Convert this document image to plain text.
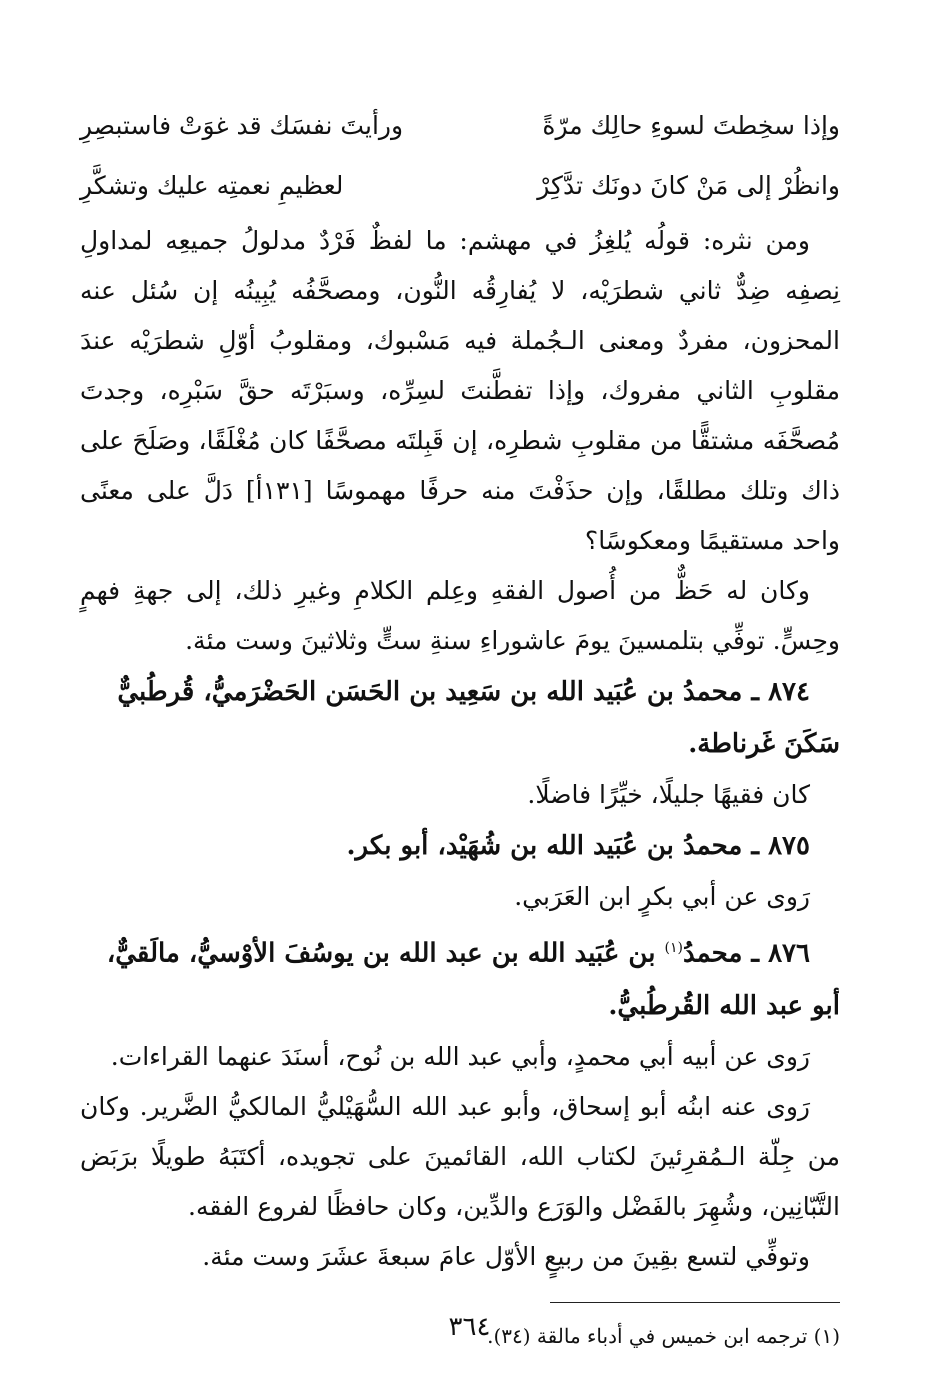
وإذا سخِطتَ لسوءِ حالِك مرّةً
ورأيتَ نفسَك قد غوَتْ فاستبصِرِ
وانظُرْ إلى مَنْ كانَ دونَك تدَّكِرْ
لعظيمِ نعمتِه عليك وتشكَّرِ

ومن نثره: قولُه يُلغِزُ في مهشم: ما لفظٌ فَرْدٌ مدلولُ جميعِه لمداولِ نِصفِه ضِدٌّ ثاني شطرَيْه، لا يُفارِقُه النُّون، ومصحَّفُه يُبِينُه إن سُئل عنه المحزون، مفردٌ ومعنى الـجُملة فيه مَسْبوك، ومقلوبُ أوّلِ شطرَيْه عندَ مقلوبِ الثاني مفروك، وإذا تفطَّنتَ لسِرِّه، وسبَرْتَه حقَّ سَبْرِه، وجدتَ مُصحَّفَه مشتقًّا من مقلوبِ شطرِه، إن قَبِلتَه مصحَّفًا كان مُغْلَقًا، وصَلَحَ على ذاك وتلك مطلقًا، وإن حذَفْتَ منه حرفًا مهموسًا [١٣١أ] دَلَّ على معنًى واحد مستقيمًا ومعكوسًا؟

وكان له حَظٌّ من أُصول الفقهِ وعِلم الكلامِ وغيرِ ذلك، إلى جهةِ فهمٍ وحِسٍّ. توفِّي بتلمسينَ يومَ عاشوراءِ سنةِ ستٍّ وثلاثينَ وست مئة.

٨٧٤ ـ محمدُ بن عُبَيد الله بن سَعِيد بن الحَسَن الحَضْرَميُّ، قُرطُبيٌّ سَكَنَ غَرناطة.

كان فقيهًا جليلًا، خيِّرًا فاضلًا.

٨٧٥ ـ محمدُ بن عُبَيد الله بن شُهَيْد، أبو بكر.

رَوى عن أبي بكرٍ ابن العَرَبي.

٨٧٦ ـ محمدُ$^{(١)}$ بن عُبَيد الله بن عبد الله بن يوسُفَ الأوْسيُّ، مالَقيٌّ، أبو عبد الله القُرطُبيُّ.

رَوى عن أبيه أبي محمدٍ، وأبي عبد الله بن نُوح، أسنَدَ عنهما القراءات.

رَوى عنه ابنُه أبو إسحاق، وأبو عبد الله السُّهَيْليُّ المالكيُّ الضَّرير. وكان من جِلّة الـمُقرِئينَ لكتاب الله، القائمينَ على تجويده، أكتَبَهُ طويلًا برَبَض التَّبّانِين، وشُهِرَ بالفَضْل والوَرَع والدِّين، وكان حافظًا لفروع الفقه.

وتوفِّي لتسع بقِينَ من ربيعٍ الأوّل عامَ سبعةَ عشَرَ وست مئة.

(١) ترجمه ابن خميس في أدباء مالقة (٣٤).

٣٦٤
